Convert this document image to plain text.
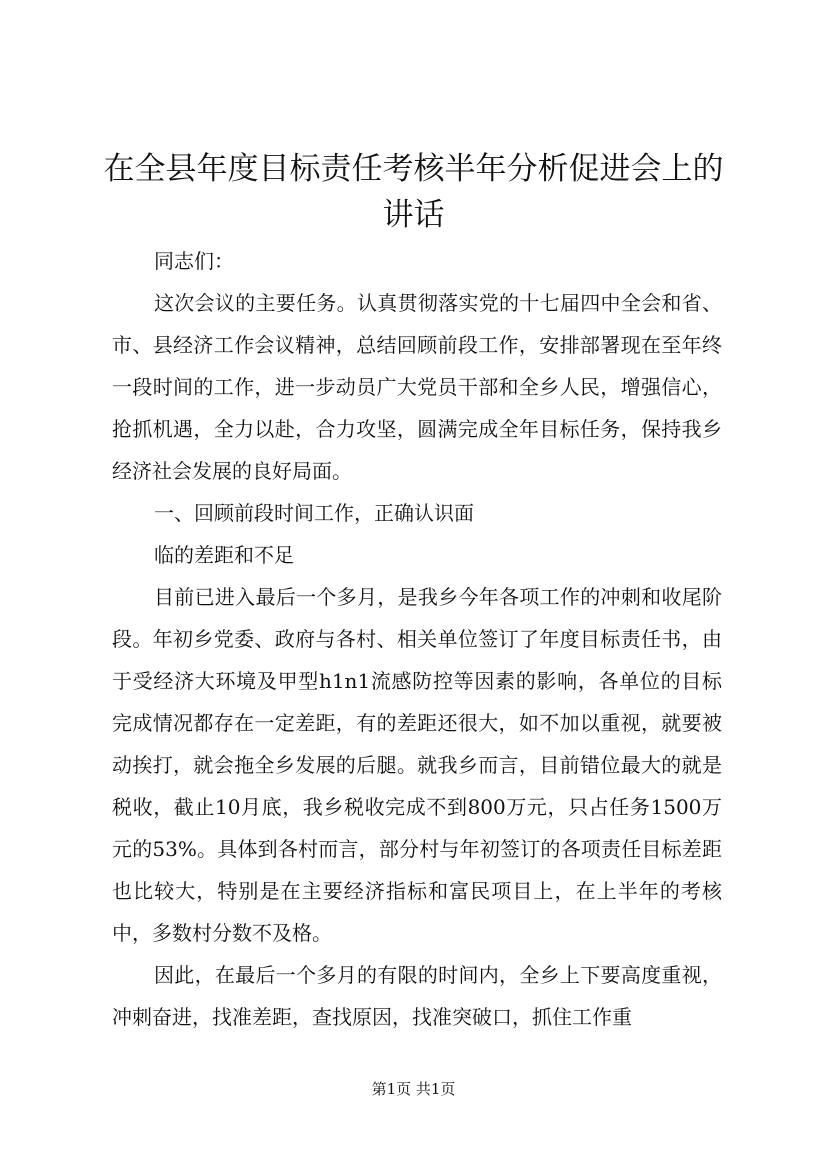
在全县年度目标责任考核半年分析促进会上的讲话

同志们：

这次会议的主要任务。认真贯彻落实党的十七届四中全会和省、市、县经济工作会议精神，总结回顾前段工作，安排部署现在至年终一段时间的工作，进一步动员广大党员干部和全乡人民，增强信心，抢抓机遇，全力以赴，合力攻坚，圆满完成全年目标任务，保持我乡经济社会发展的良好局面。

一、回顾前段时间工作，正确认识面

临的差距和不足

目前已进入最后一个多月，是我乡今年各项工作的冲刺和收尾阶段。年初乡党委、政府与各村、相关单位签订了年度目标责任书，由于受经济大环境及甲型h1n1流感防控等因素的影响，各单位的目标完成情况都存在一定差距，有的差距还很大，如不加以重视，就要被动挨打，就会拖全乡发展的后腿。就我乡而言，目前错位最大的就是税收，截止10月底，我乡税收完成不到800万元，只占任务1500万元的53%。具体到各村而言，部分村与年初签订的各项责任目标差距也比较大，特别是在主要经济指标和富民项目上，在上半年的考核中，多数村分数不及格。

因此，在最后一个多月的有限的时间内，全乡上下要高度重视，冲刺奋进，找准差距，查找原因，找准突破口，抓住工作重

第1页 共1页
